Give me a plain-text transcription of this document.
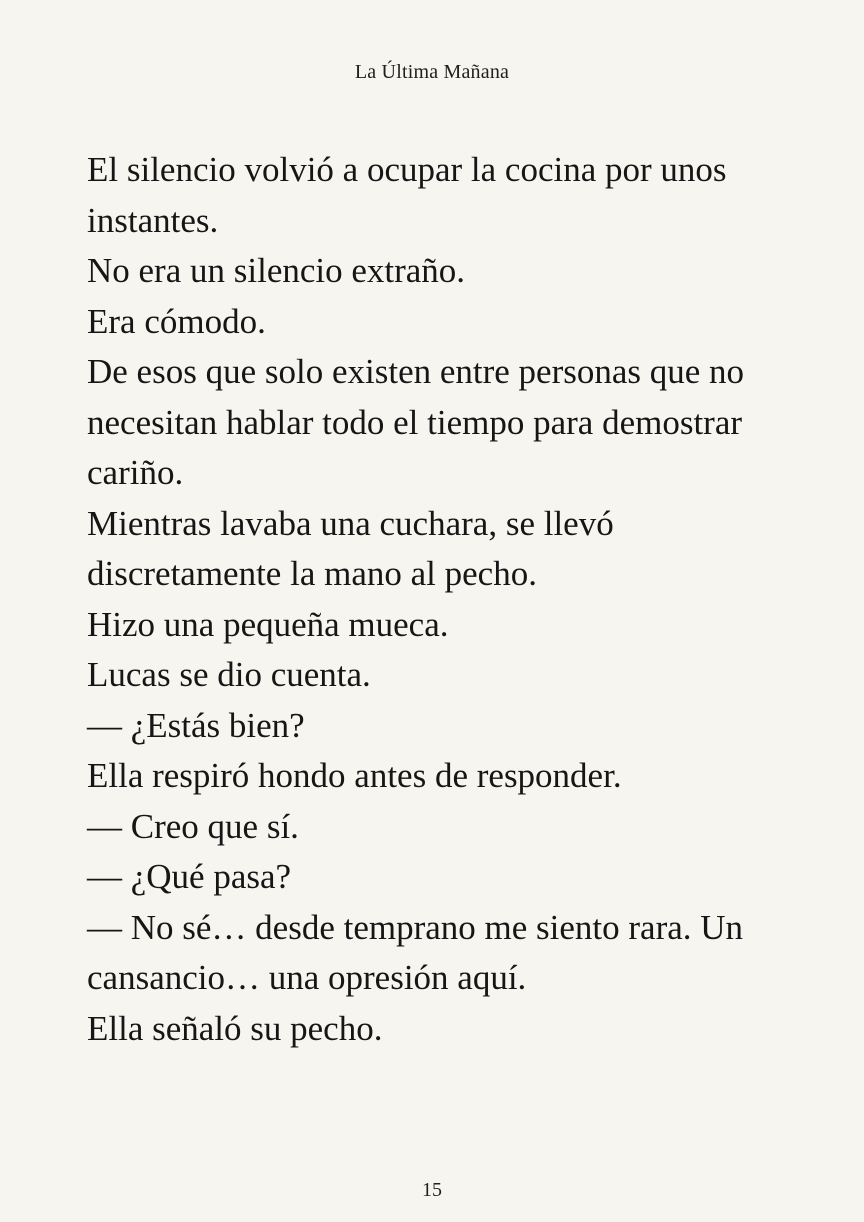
La Última Mañana
El silencio volvió a ocupar la cocina por unos
instantes.
No era un silencio extraño.
Era cómodo.
De esos que solo existen entre personas que no
necesitan hablar todo el tiempo para demostrar
cariño.
Mientras lavaba una cuchara, se llevó
discretamente la mano al pecho.
Hizo una pequeña mueca.
Lucas se dio cuenta.
— ¿Estás bien?
Ella respiró hondo antes de responder.
— Creo que sí.
— ¿Qué pasa?
— No sé… desde temprano me siento rara. Un
cansancio… una opresión aquí.
Ella señaló su pecho.
15
